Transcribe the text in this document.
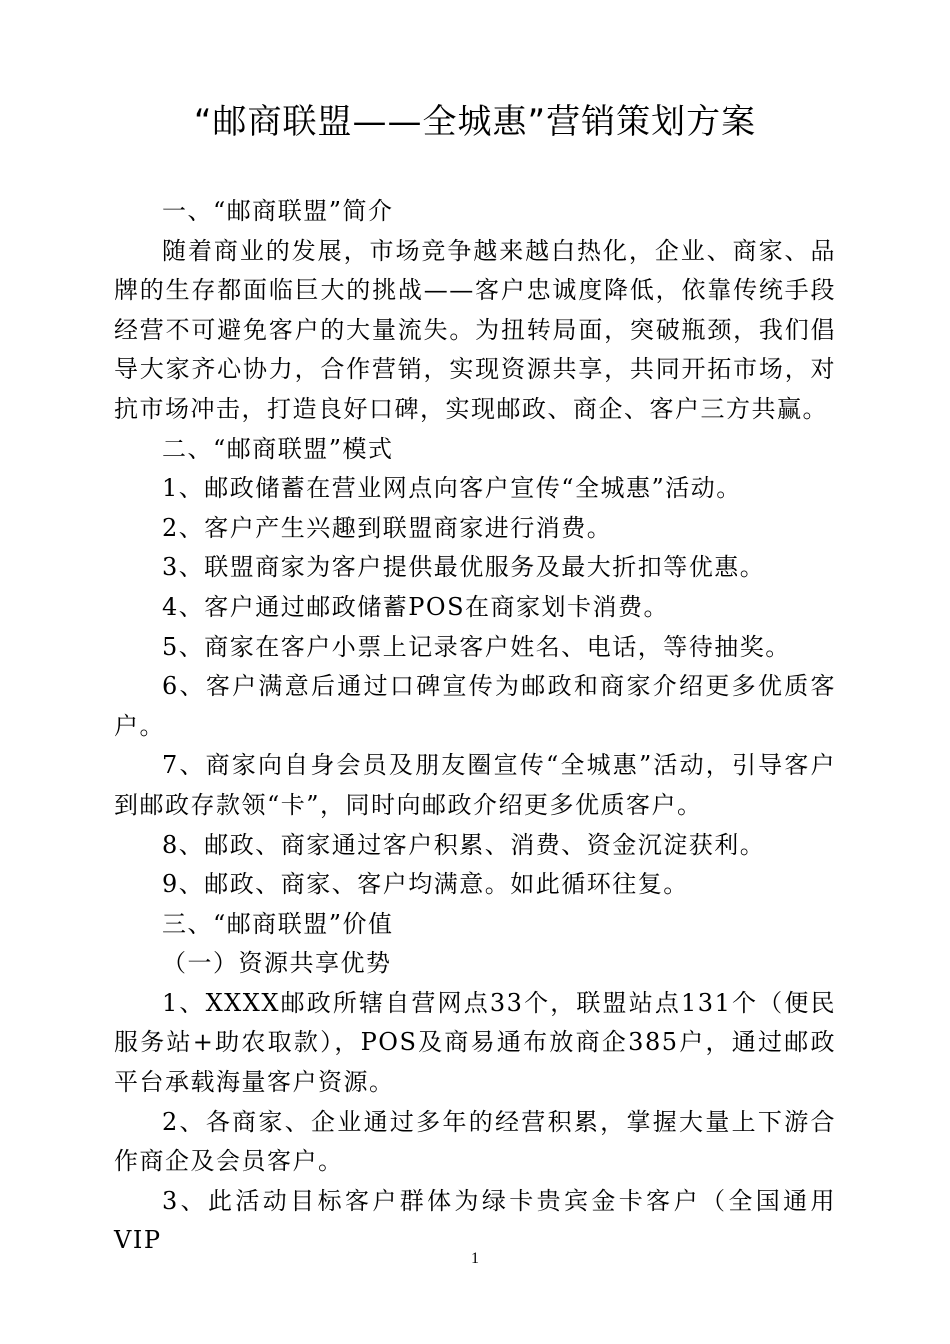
“邮商联盟——全城惠”营销策划方案

一、“邮商联盟”简介

随着商业的发展，市场竞争越来越白热化，企业、商家、品牌的生存都面临巨大的挑战——客户忠诚度降低，依靠传统手段经营不可避免客户的大量流失。为扭转局面，突破瓶颈，我们倡导大家齐心协力，合作营销，实现资源共享，共同开拓市场，对抗市场冲击，打造良好口碑，实现邮政、商企、客户三方共赢。

二、“邮商联盟”模式

1、邮政储蓄在营业网点向客户宣传“全城惠”活动。

2、客户产生兴趣到联盟商家进行消费。

3、联盟商家为客户提供最优服务及最大折扣等优惠。

4、客户通过邮政储蓄POS在商家划卡消费。

5、商家在客户小票上记录客户姓名、电话，等待抽奖。

6、客户满意后通过口碑宣传为邮政和商家介绍更多优质客户。

7、商家向自身会员及朋友圈宣传“全城惠”活动，引导客户到邮政存款领“卡”，同时向邮政介绍更多优质客户。

8、邮政、商家通过客户积累、消费、资金沉淀获利。

9、邮政、商家、客户均满意。如此循环往复。

三、“邮商联盟”价值

（一）资源共享优势

1、XXXX邮政所辖自营网点33个，联盟站点131个（便民服务站+助农取款），POS及商易通布放商企385户，通过邮政平台承载海量客户资源。

2、各商家、企业通过多年的经营积累，掌握大量上下游合作商企及会员客户。

3、此活动目标客户群体为绿卡贵宾金卡客户（全国通用VIP

1
